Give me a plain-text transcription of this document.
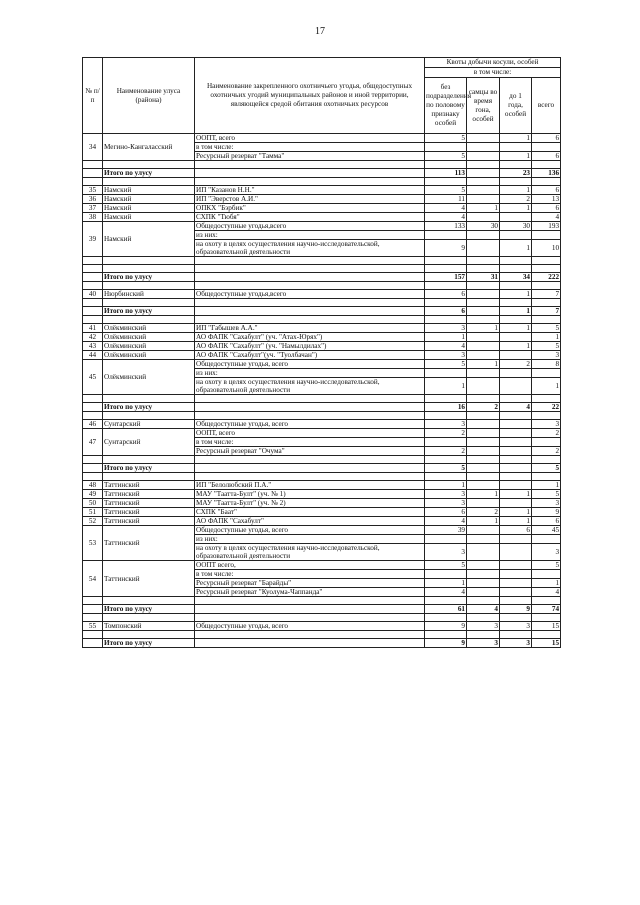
17
№ п/п	Наименование улуса (района)	Наименование закрепленного охотничьего угодья, общедоступных охотничьих угодий муниципальных районов и иной территории, являющейся средой обитания охотничьих ресурсов	Квоты добычи косули, особей			
			в том числе:			
			без подразделения по половому признаку особей	самцы во время гона, особей	до 1 года, особей	всего
34	Мегино-Кангаласский	ООПТ, всего	5		1	6
		в том числе:				
		Ресурсный резерват "Тамма"	5		1	6

	Итого по улусу		113		23	136

35	Намский	ИП "Казанов Н.Н."	5		1	6
36	Намский	ИП "Эверстов А.И."	11		2	13
37	Намский	ОПКХ "Бэрбик"	4	1	1	6
38	Намский	СХПК "Тюбя"	4			4
39	Намский	Общедоступные угодья,всего	133	30	30	193
		из них:				
		на охоту в целях осуществления научно-исследовательской, образовательной деятельности	9		1	10

	Итого по улусу		157	31	34	222

40	Нюрбинский	Общедоступные угодья,всего	6		1	7

	Итого по улусу		6		1	7

41	Олёкминский	ИП "Габышев А.А."	3	1	1	5
42	Олёкминский	АО ФАПК "Сахабулт" (уч. "Атах-Юрях")	1			1
43	Олёкминский	АО ФАПК "Сахабулт" (уч. "Намылдилах")	4		1	5
44	Олёкминский	АО ФАПК "Сахабулт"(уч. "Туолбачан")	3			3
45	Олёкминский	Общедоступные угодья, всего	5	1	2	8
		из них:				
		на охоту в целях осуществления научно-исследовательской, образовательной деятельности	1			1

	Итого по улусу		16	2	4	22

46	Сунтарский	Общедоступные угодья, всего	3			3
47	Сунтарский	ООПТ, всего	2			2
		в том числе:				
		Ресурсный резерват "Очума"	2			2

	Итого по улусу		5			5

48	Таттинский	ИП "Белолюбский П.А."	1			1
49	Таттинский	МАУ "Таатта-Булт" (уч. № 1)	3	1	1	5
50	Таттинский	МАУ "Таатта-Булт" (уч. № 2)	3			3
51	Таттинский	СХПК "Баат"	6	2	1	9
52	Таттинский	АО ФАПК "Сахабулт"	4	1	1	6
53	Таттинский	Общедоступные угодья, всего	39		6	45
		из них:				
		на охоту в целях осуществления научно-исследовательской, образовательной деятельности	3			3
54	Таттинский	ООПТ всего,	5			5
		в том числе:				
		Ресурсный резерват "Барайды"	1			1
		Ресурсный резерват "Куолума-Чаппанда"	4			4

	Итого по улусу		61	4	9	74

55	Томпонский	Общедоступные угодья, всего	9	3	3	15

	Итого по улусу		9	3	3	15
